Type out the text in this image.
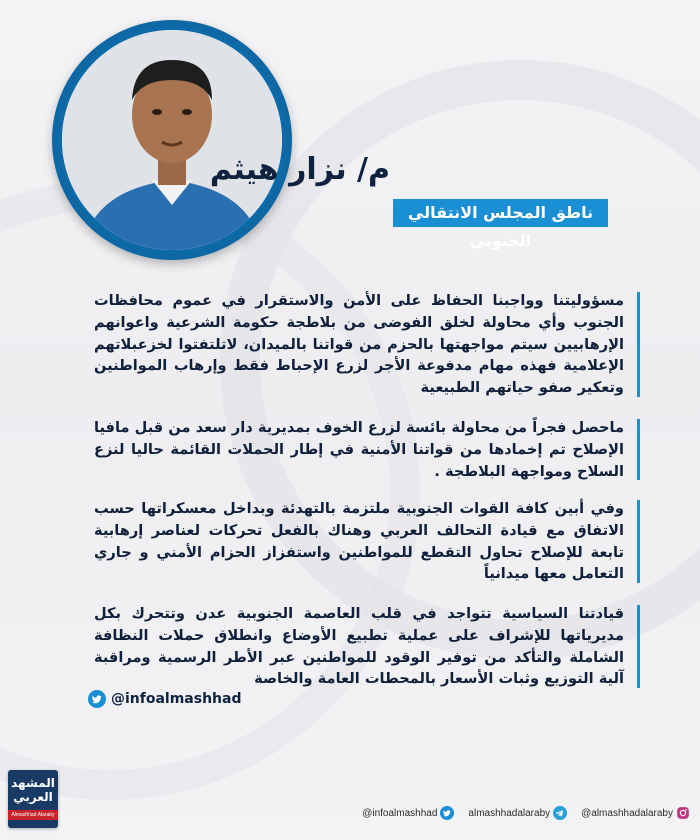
م/ نزار هيثم
ناطق المجلس الانتقالي الجنوبي
مسؤوليتنا وواجبنا الحفاظ على الأمن والاستقرار في عموم محافظات الجنوب وأي محاولة لخلق الفوضى من بلاطجة حكومة الشرعية واعوانهم الإرهابيين سيتم مواجهتها بالحزم من قواتنا بالميدان، لاتلتفتوا لخزعبلاتهم الإعلامية فهذه مهام مدفوعة الأجر لزرع الإحباط فقط وإرهاب المواطنين وتعكير صفو حياتهم الطبيعية
ماحصل فجراً من محاولة بائسة لزرع الخوف بمديرية دار سعد من قبل مافيا الإصلاح تم إخمادها من قواتنا الأمنية في إطار الحملات القائمة حاليا لنزع السلاح ومواجهة البلاطجة .
وفي أبين كافة القوات الجنوبية ملتزمة بالتهدئة وبداخل معسكراتها حسب الاتفاق مع قيادة التحالف العربي وهناك بالفعل تحركات لعناصر إرهابية تابعة للإصلاح تحاول التقطع للمواطنين واستفزاز الحزام الأمني و جاري التعامل معها ميدانياً
قيادتنا السياسية تتواجد في قلب العاصمة الجنوبية عدن وتتحرك بكل مديرياتها للإشراف على عملية تطبيع الأوضاع وانطلاق حملات النظافة الشاملة والتأكد من توفير الوقود للمواطنين عبر الأطر الرسمية ومراقبة آلية التوزيع وثبات الأسعار بالمحطات العامة والخاصة
@infoalmashhad
المشهد العربي
Almashhad Alaraby	@infoalmashhad	almashhadalaraby	@almashhadalaraby
